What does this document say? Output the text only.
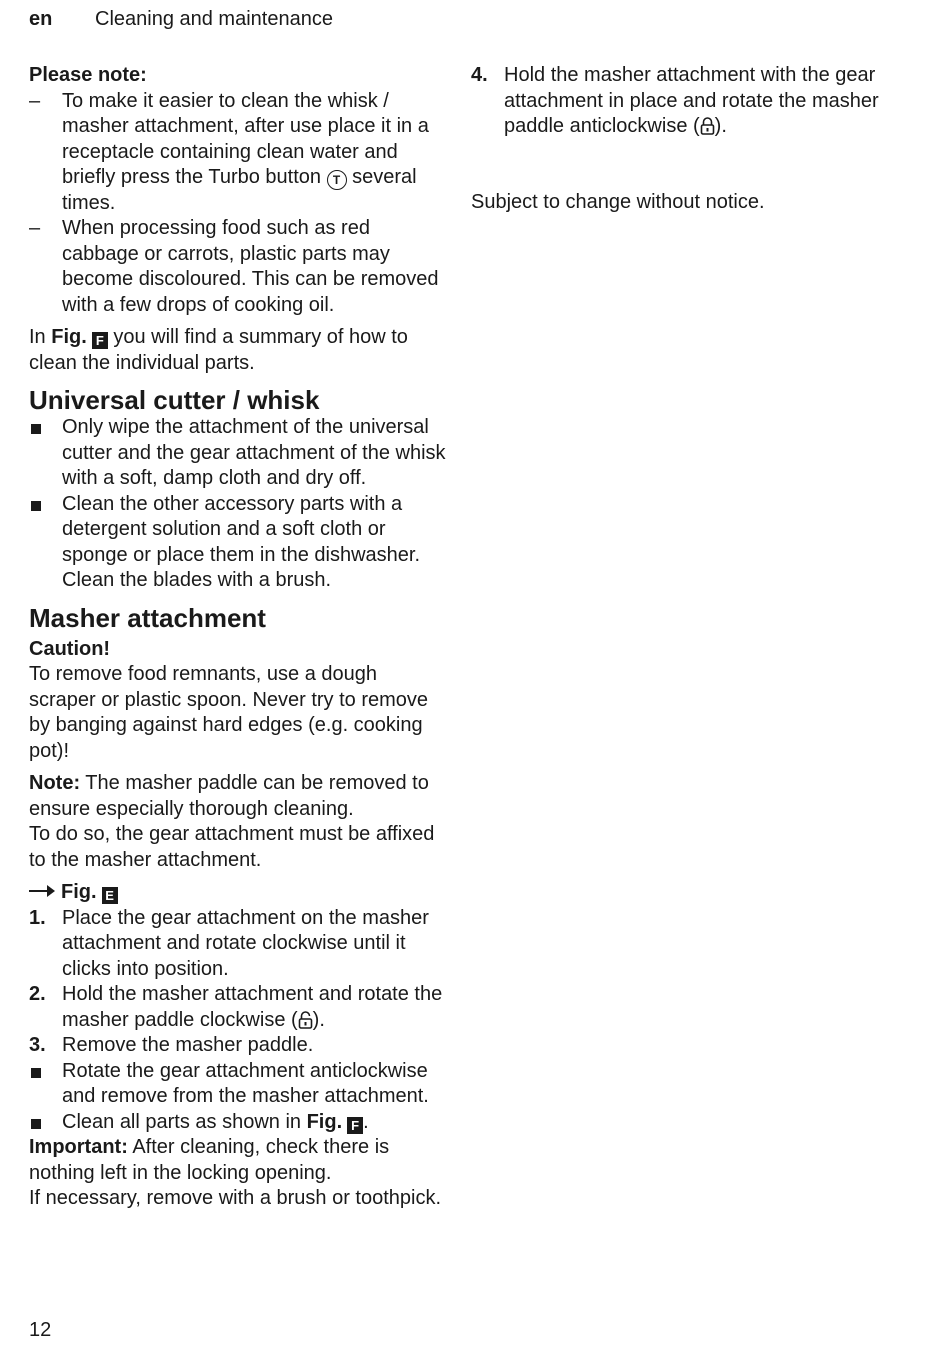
en Cleaning and maintenance

Please note:

– To make it easier to clean the whisk / masher attachment, after use place it in a receptacle containing clean water and briefly press the Turbo button T several times.
– When processing food such as red cabbage or carrots, plastic parts may become discoloured. This can be removed with a few drops of cooking oil.

In Fig. F you will find a summary of how to clean the individual parts.

Universal cutter / whisk
Only wipe the attachment of the universal cutter and the gear attachment of the whisk with a soft, damp cloth and dry off.
Clean the other accessory parts with a detergent solution and a soft cloth or sponge or place them in the dishwasher. Clean the blades with a brush.
Masher attachment

Caution!

To remove food remnants, use a dough scraper or plastic spoon. Never try to remove by banging against hard edges (e.g. cooking pot)!

Note: The masher paddle can be removed to ensure especially thorough cleaning.

To do so, the gear attachment must be affixed to the masher attachment.

Fig. E

1. Place the gear attachment on the masher attachment and rotate clockwise until it clicks into position.
2. Hold the masher attachment and rotate the masher paddle clockwise ( ).
3. Remove the masher paddle.
Rotate the gear attachment anticlockwise and remove from the masher attachment.
Clean all parts as shown in Fig. F .

Important: After cleaning, check there is nothing left in the locking opening.

If necessary, remove with a brush or toothpick.

4. Hold the masher attachment with the gear attachment in place and rotate the masher paddle anticlockwise ( ).

Subject to change without notice.

12
